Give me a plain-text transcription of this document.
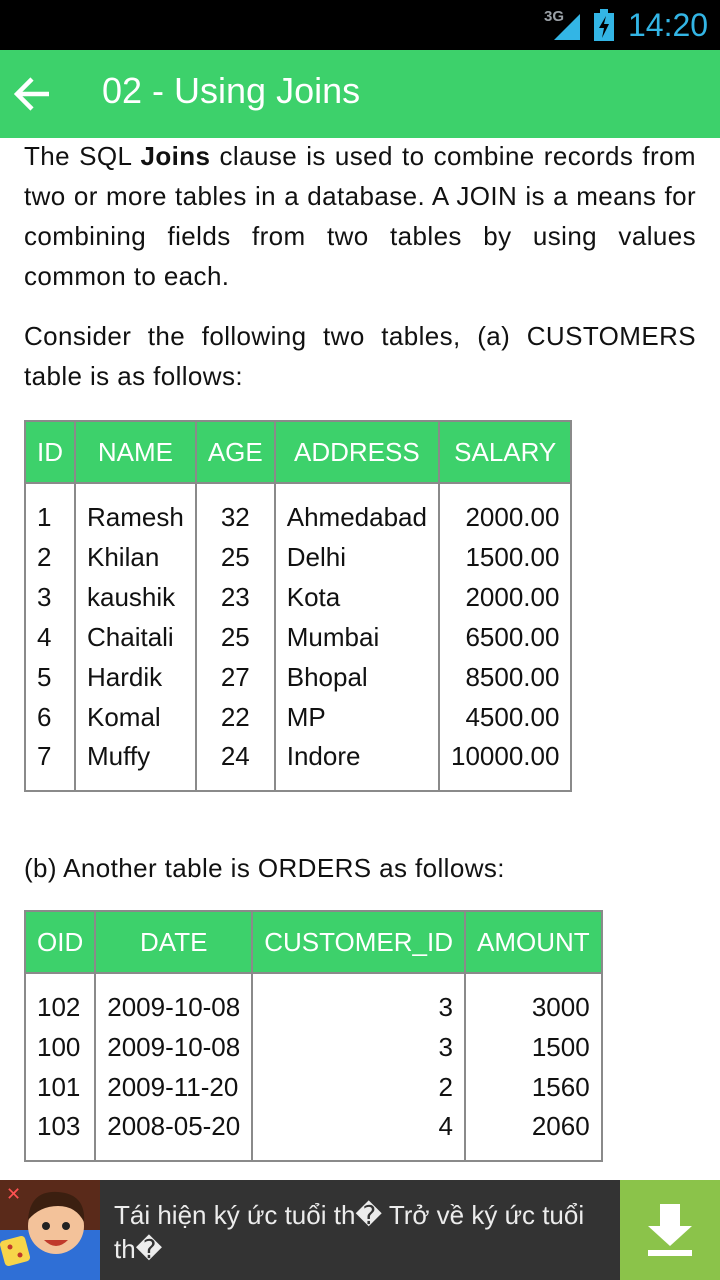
3G 14:20
02 - Using Joins

The SQL Joins clause is used to combine records from two or more tables in a database. A JOIN is a means for combining fields from two tables by using values common to each.

Consider the following two tables, (a) CUSTOMERS table is as follows:

ID	NAME	AGE	ADDRESS	SALARY
1	Ramesh	32	Ahmedabad	2000.00
2	Khilan	25	Delhi	1500.00
3	kaushik	23	Kota	2000.00
4	Chaitali	25	Mumbai	6500.00
5	Hardik	27	Bhopal	8500.00
6	Komal	22	MP	4500.00
7	Muffy	24	Indore	10000.00

(b) Another table is ORDERS as follows:

OID	DATE	CUSTOMER_ID	AMOUNT
102	2009-10-08	3	3000
100	2009-10-08	3	1500
101	2009-11-20	2	1560
103	2008-05-20	4	2060

✕
Tái hiện ký ức tuổi th� Trở về ký ức tuổi th�
